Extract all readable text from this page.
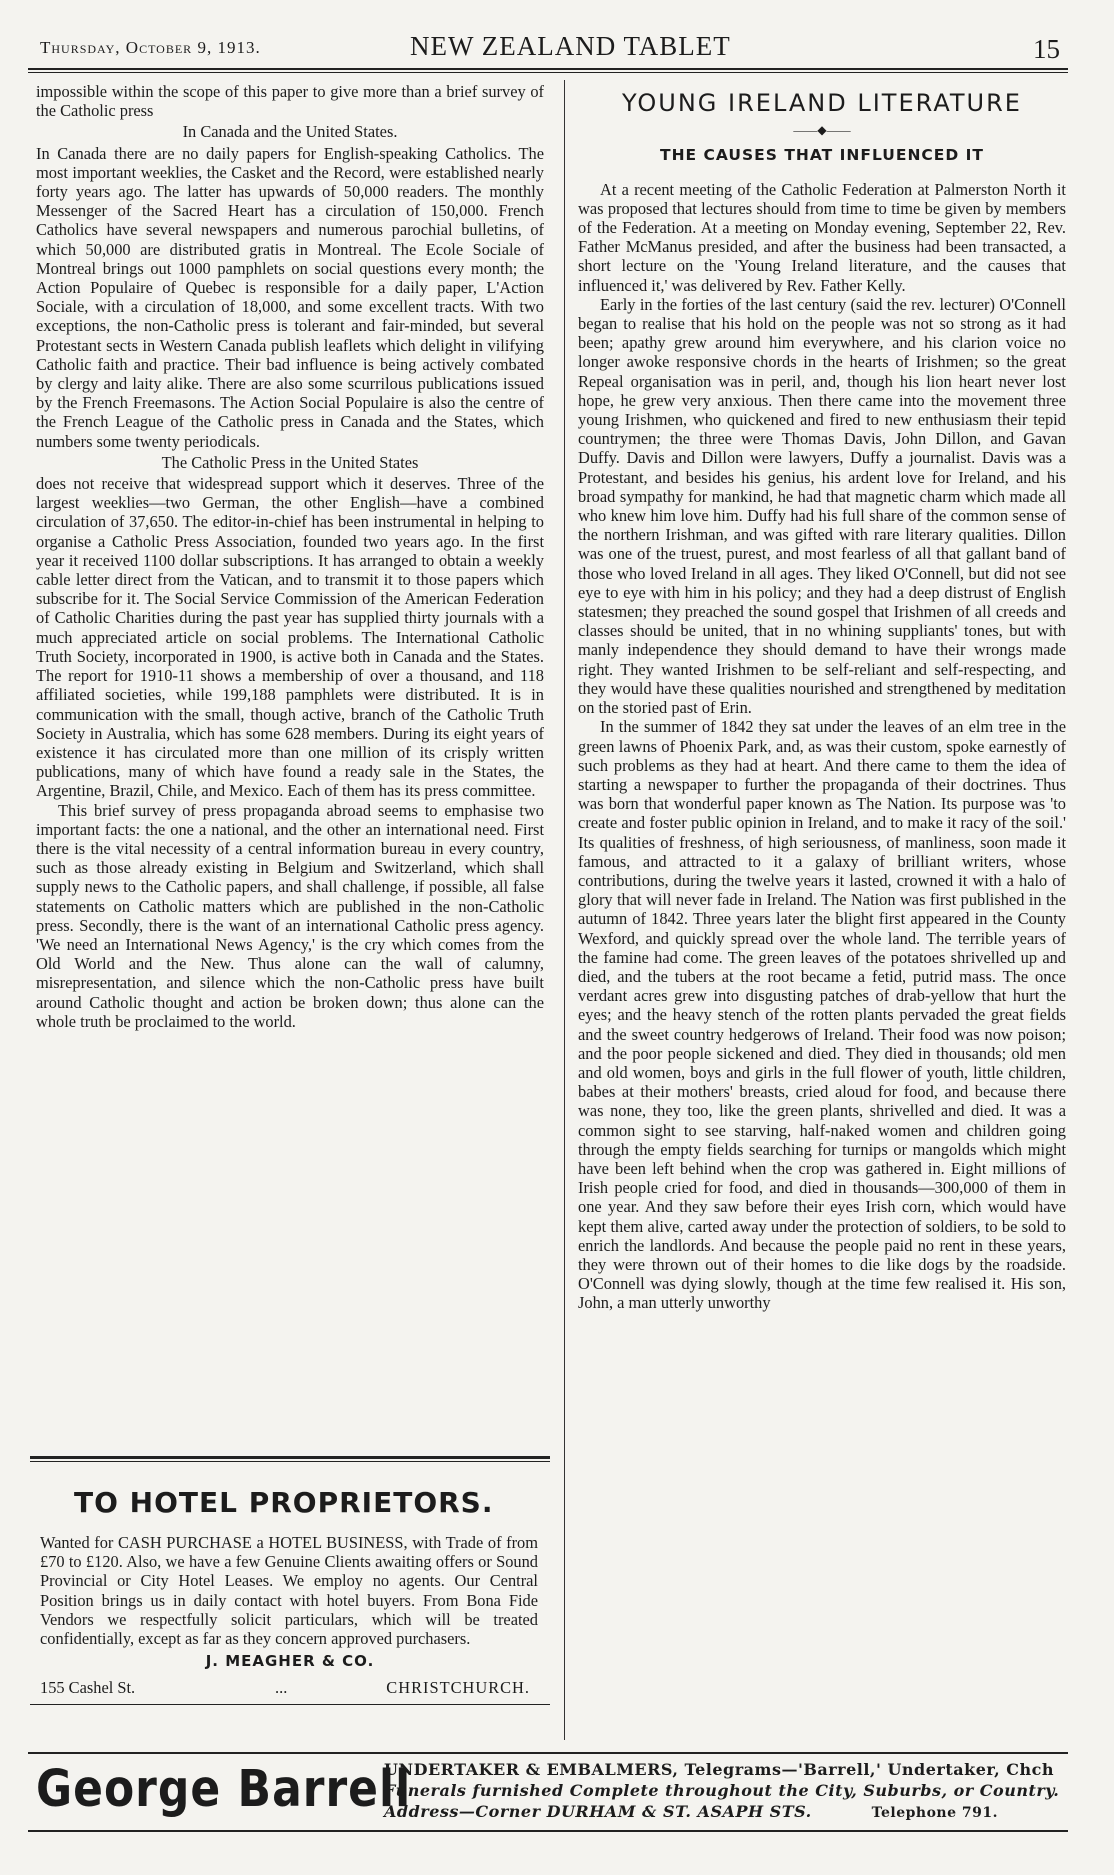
Thursday, October 9, 1913.	NEW ZEALAND TABLET	15

impossible within the scope of this paper to give more than a brief survey of the Catholic press

In Canada and the United States.

In Canada there are no daily papers for English-speaking Catholics. The most important weeklies, the Casket and the Record, were established nearly forty years ago. The latter has upwards of 50,000 readers. The monthly Messenger of the Sacred Heart has a circulation of 150,000. French Catholics have several newspapers and numerous parochial bulletins, of which 50,000 are distributed gratis in Montreal. The Ecole Sociale of Montreal brings out 1000 pamphlets on social questions every month; the Action Populaire of Quebec is responsible for a daily paper, L'Action Sociale, with a circulation of 18,000, and some excellent tracts. With two exceptions, the non-Catholic press is tolerant and fair-minded, but several Protestant sects in Western Canada publish leaflets which delight in vilifying Catholic faith and practice. Their bad influence is being actively combated by clergy and laity alike. There are also some scurrilous publications issued by the French Freemasons. The Action Social Populaire is also the centre of the French League of the Catholic press in Canada and the States, which numbers some twenty periodicals.

The Catholic Press in the United States

does not receive that widespread support which it deserves. Three of the largest weeklies—two German, the other English—have a combined circulation of 37,650. The editor-in-chief has been instrumental in helping to organise a Catholic Press Association, founded two years ago. In the first year it received 1100 dollar subscriptions. It has arranged to obtain a weekly cable letter direct from the Vatican, and to transmit it to those papers which subscribe for it. The Social Service Commission of the American Federation of Catholic Charities during the past year has supplied thirty journals with a much appreciated article on social problems. The International Catholic Truth Society, incorporated in 1900, is active both in Canada and the States. The report for 1910-11 shows a membership of over a thousand, and 118 affiliated societies, while 199,188 pamphlets were distributed. It is in communication with the small, though active, branch of the Catholic Truth Society in Australia, which has some 628 members. During its eight years of existence it has circulated more than one million of its crisply written publications, many of which have found a ready sale in the States, the Argentine, Brazil, Chile, and Mexico. Each of them has its press committee.

This brief survey of press propaganda abroad seems to emphasise two important facts: the one a national, and the other an international need. First there is the vital necessity of a central information bureau in every country, such as those already existing in Belgium and Switzerland, which shall supply news to the Catholic papers, and shall challenge, if possible, all false statements on Catholic matters which are published in the non-Catholic press. Secondly, there is the want of an international Catholic press agency. 'We need an International News Agency,' is the cry which comes from the Old World and the New. Thus alone can the wall of calumny, misrepresentation, and silence which the non-Catholic press have built around Catholic thought and action be broken down; thus alone can the whole truth be proclaimed to the world.

TO HOTEL PROPRIETORS.
Wanted for CASH PURCHASE a HOTEL BUSINESS, with Trade of from £70 to £120. Also, we have a few Genuine Clients awaiting offers or Sound Provincial or City Hotel Leases. We employ no agents. Our Central Position brings us in daily contact with hotel buyers. From Bona Fide Vendors we respectfully solicit particulars, which will be treated confidentially, except as far as they concern approved purchasers.
J. MEAGHER & CO.
155 Cashel St.	...	CHRISTCHURCH.
YOUNG IRELAND LITERATURE
——◆——
THE CAUSES THAT INFLUENCED IT

At a recent meeting of the Catholic Federation at Palmerston North it was proposed that lectures should from time to time be given by members of the Federation. At a meeting on Monday evening, September 22, Rev. Father McManus presided, and after the business had been transacted, a short lecture on the 'Young Ireland literature, and the causes that influenced it,' was delivered by Rev. Father Kelly.

Early in the forties of the last century (said the rev. lecturer) O'Connell began to realise that his hold on the people was not so strong as it had been; apathy grew around him everywhere, and his clarion voice no longer awoke responsive chords in the hearts of Irishmen; so the great Repeal organisation was in peril, and, though his lion heart never lost hope, he grew very anxious. Then there came into the movement three young Irishmen, who quickened and fired to new enthusiasm their tepid countrymen; the three were Thomas Davis, John Dillon, and Gavan Duffy. Davis and Dillon were lawyers, Duffy a journalist. Davis was a Protestant, and besides his genius, his ardent love for Ireland, and his broad sympathy for mankind, he had that magnetic charm which made all who knew him love him. Duffy had his full share of the common sense of the northern Irishman, and was gifted with rare literary qualities. Dillon was one of the truest, purest, and most fearless of all that gallant band of those who loved Ireland in all ages. They liked O'Connell, but did not see eye to eye with him in his policy; and they had a deep distrust of English statesmen; they preached the sound gospel that Irishmen of all creeds and classes should be united, that in no whining suppliants' tones, but with manly independence they should demand to have their wrongs made right. They wanted Irishmen to be self-reliant and self-respecting, and they would have these qualities nourished and strengthened by meditation on the storied past of Erin.

In the summer of 1842 they sat under the leaves of an elm tree in the green lawns of Phoenix Park, and, as was their custom, spoke earnestly of such problems as they had at heart. And there came to them the idea of starting a newspaper to further the propaganda of their doctrines. Thus was born that wonderful paper known as The Nation. Its purpose was 'to create and foster public opinion in Ireland, and to make it racy of the soil.' Its qualities of freshness, of high seriousness, of manliness, soon made it famous, and attracted to it a galaxy of brilliant writers, whose contributions, during the twelve years it lasted, crowned it with a halo of glory that will never fade in Ireland. The Nation was first published in the autumn of 1842. Three years later the blight first appeared in the County Wexford, and quickly spread over the whole land. The terrible years of the famine had come. The green leaves of the potatoes shrivelled up and died, and the tubers at the root became a fetid, putrid mass. The once verdant acres grew into disgusting patches of drab-yellow that hurt the eyes; and the heavy stench of the rotten plants pervaded the great fields and the sweet country hedgerows of Ireland. Their food was now poison; and the poor people sickened and died. They died in thousands; old men and old women, boys and girls in the full flower of youth, little children, babes at their mothers' breasts, cried aloud for food, and because there was none, they too, like the green plants, shrivelled and died. It was a common sight to see starving, half-naked women and children going through the empty fields searching for turnips or mangolds which might have been left behind when the crop was gathered in. Eight millions of Irish people cried for food, and died in thousands—300,000 of them in one year. And they saw before their eyes Irish corn, which would have kept them alive, carted away under the protection of soldiers, to be sold to enrich the landlords. And because the people paid no rent in these years, they were thrown out of their homes to die like dogs by the roadside. O'Connell was dying slowly, though at the time few realised it. His son, John, a man utterly unworthy

George Barrell
UNDERTAKER & EMBALMERS, Telegrams—'Barrell,' Undertaker, Chch
Funerals furnished Complete throughout the City, Suburbs, or Country.
Address—Corner DURHAM & ST. ASAPH STS.	Telephone 791.
